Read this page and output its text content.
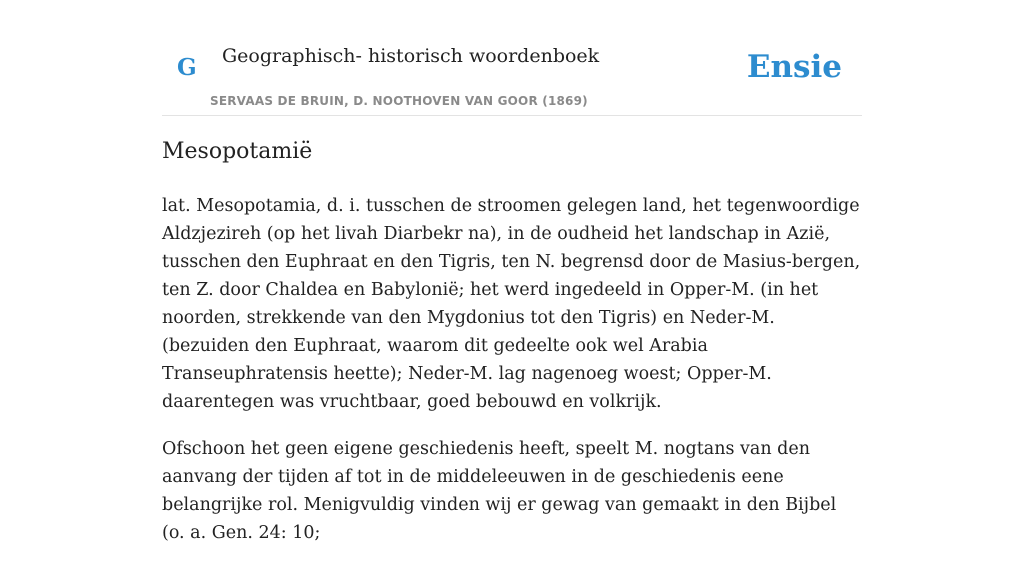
G Geographisch- historisch woordenboek
SERVAAS DE BRUIN, D. NOOTHOVEN VAN GOOR (1869)
Ensie
Mesopotamië

lat. Mesopotamia, d. i. tusschen de stroomen gelegen land, het tegenwoordige Aldzjezireh (op het livah Diarbekr na), in de oudheid het landschap in Azië, tusschen den Euphraat en den Tigris, ten N. begrensd door de Masius-bergen, ten Z. door Chaldea en Babylonië; het werd ingedeeld in Opper-M. (in het noorden, strekkende van den Mygdonius tot den Tigris) en Neder-M. (bezuiden den Euphraat, waarom dit gedeelte ook wel Arabia Transeuphratensis heette); Neder-M. lag nagenoeg woest; Opper-M. daarentegen was vruchtbaar, goed bebouwd en volkrijk.

Ofschoon het geen eigene geschiedenis heeft, speelt M. nogtans van den aanvang der tijden af tot in de middeleeuwen in de geschiedenis eene belangrijke rol. Menigvuldig vinden wij er gewag van gemaakt in den Bijbel (o. a. Gen. 24: 10;
